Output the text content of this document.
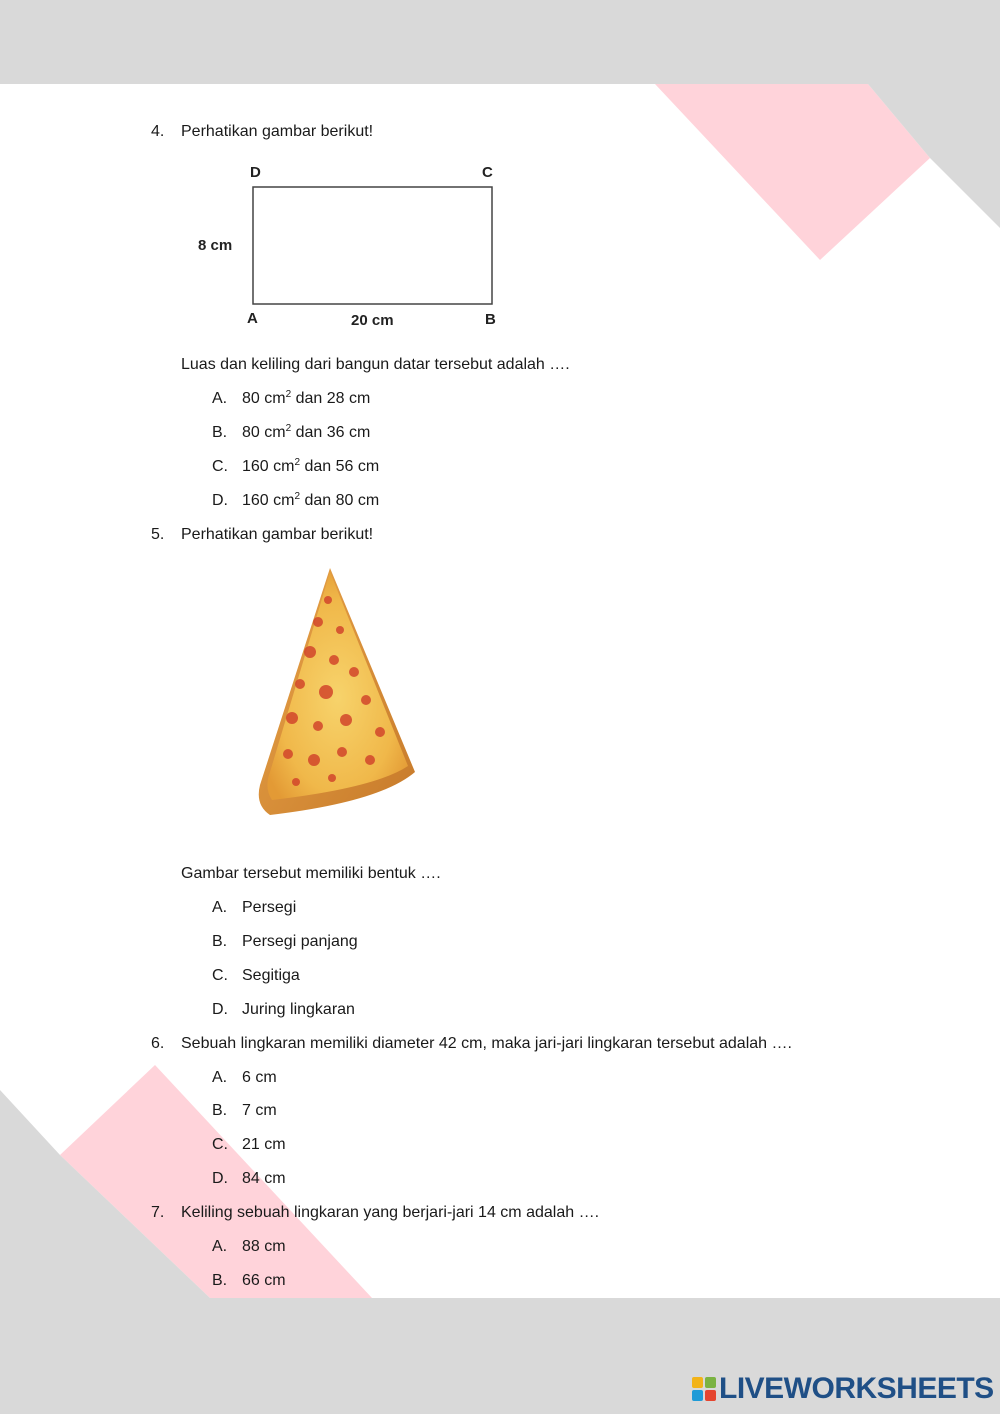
4. Perhatikan gambar berikut!
D	C
A	B
8 cm
20 cm
Luas dan keliling dari bangun datar tersebut adalah ….
A. 80 $cm^2$ dan 28 cm
B. 80 $cm^2$ dan 36 cm
C. 160 $cm^2$ dan 56 cm
D. 160 $cm^2$ dan 80 cm
5. Perhatikan gambar berikut!
Gambar tersebut memiliki bentuk ….
A. Persegi
B. Persegi panjang
C. Segitiga
D. Juring lingkaran
6. Sebuah lingkaran memiliki diameter 42 cm, maka jari-jari lingkaran tersebut adalah ….
A. 6 cm
B. 7 cm
C. 21 cm
D. 84 cm
7. Keliling sebuah lingkaran yang berjari-jari 14 cm adalah ….
A. 88 cm
B. 66 cm
LIVEWORKSHEETS
